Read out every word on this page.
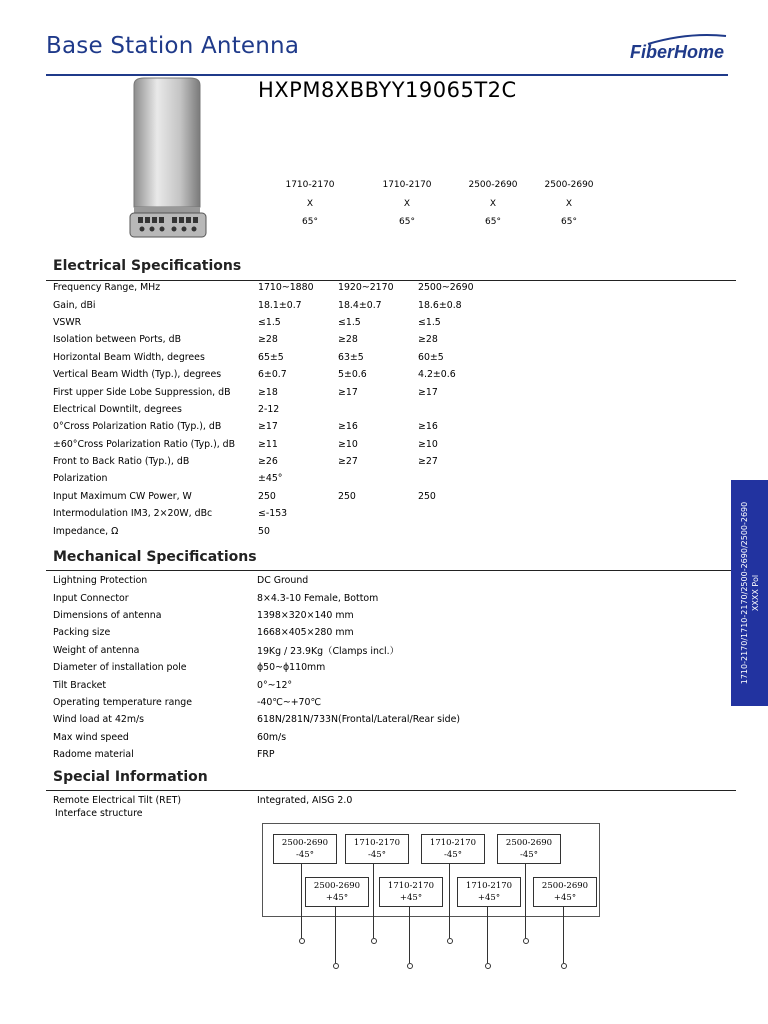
Base Station Antenna	FiberHome
HXPM8XBBYY19065T2C
1710-2170
X
65°
1710-2170
X
65°
2500-2690
X
65°
2500-2690
X
65°
Electrical Specifications
Frequency Range, MHz	1710~1880	1920~2170	2500~2690
Gain, dBi	18.1±0.7	18.4±0.7	18.6±0.8
VSWR	≤1.5	≤1.5	≤1.5
Isolation between Ports, dB	≥28	≥28	≥28
Horizontal Beam Width, degrees	65±5	63±5	60±5
Vertical Beam Width (Typ.), degrees	6±0.7	5±0.6	4.2±0.6
First upper Side Lobe Suppression, dB	≥18	≥17	≥17
Electrical Downtilt, degrees	2-12		
0°Cross Polarization Ratio (Typ.), dB	≥17	≥16	≥16
±60°Cross Polarization Ratio (Typ.), dB	≥11	≥10	≥10
Front to Back Ratio (Typ.), dB	≥26	≥27	≥27
Polarization	±45°		
Input Maximum CW Power, W	250	250	250
Intermodulation IM3, 2×20W, dBc	≤-153		
Impedance, Ω	50		
Mechanical Specifications
Lightning Protection	DC Ground
Input Connector	8×4.3-10 Female, Bottom
Dimensions of antenna	1398×320×140 mm
Packing size	1668×405×280 mm
Weight of antenna	19Kg / 23.9Kg（Clamps incl.）
Diameter of installation pole	ϕ50~ϕ110mm
Tilt Bracket	0°~12°
Operating temperature range	-40℃~+70℃
Wind load at 42m/s	618N/281N/733N(Frontal/Lateral/Rear side)
Max wind speed	60m/s
Radome material	FRP
Special Information
Remote Electrical Tilt (RET)	Integrated, AISG 2.0
Interface structure
2500-2690
-45°
1710-2170
-45°
1710-2170
-45°
2500-2690
-45°
2500-2690
+45°
1710-2170
+45°
1710-2170
+45°
2500-2690
+45°
1710-2170/1710-2170/2500-2690/2500-2690 XXXX Pol
